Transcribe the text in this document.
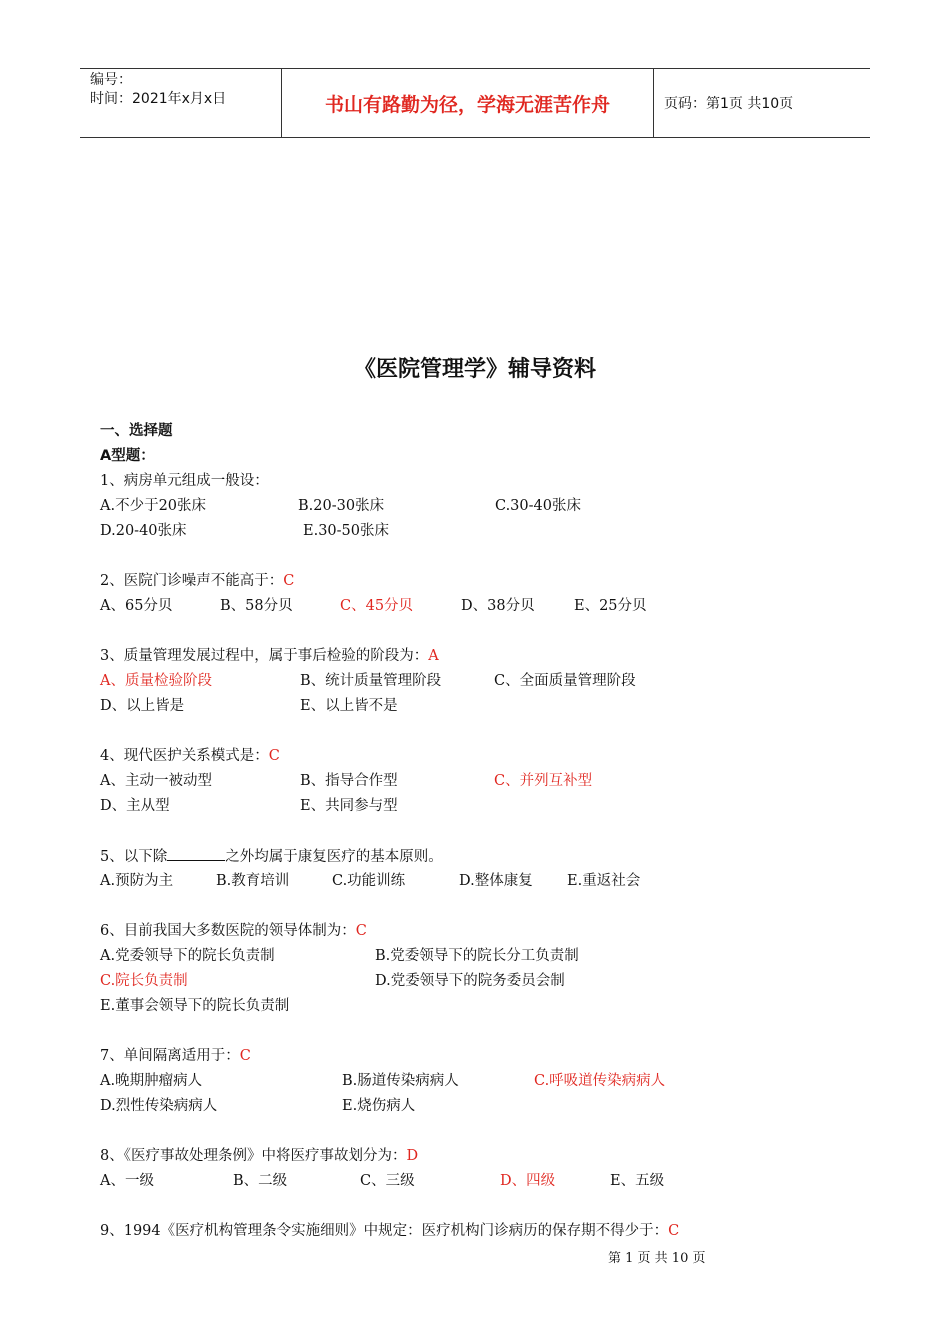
编号：
时间：2021年x月x日	书山有路勤为径，学海无涯苦作舟	页码：第1页 共10页
《医院管理学》辅导资料
一、选择题
A型题：
1、病房单元组成一般设：
A.不少于20张床	B.20-30张床	C.30-40张床
D.20-40张床	E.30-50张床
2、医院门诊噪声不能高于：C
A、65分贝	B、58分贝	C、45分贝	D、38分贝	E、25分贝
3、质量管理发展过程中，属于事后检验的阶段为：A
A、质量检验阶段	B、统计质量管理阶段	C、全面质量管理阶段
D、以上皆是	E、以上皆不是
4、现代医护关系模式是：C
A、主动一被动型	B、指导合作型	C、并列互补型
D、主从型	E、共同参与型
5、以下除	之外均属于康复医疗的基本原则。
A.预防为主	B.教育培训	C.功能训练	D.整体康复 E.重返社会
6、目前我国大多数医院的领导体制为：C
A.党委领导下的院长负责制	B.党委领导下的院长分工负责制
C.院长负责制	D.党委领导下的院务委员会制
E.董事会领导下的院长负责制
7、单间隔离适用于：C
A.晚期肿瘤病人	B.肠道传染病病人	C.呼吸道传染病病人
D.烈性传染病病人	E.烧伤病人
8、《医疗事故处理条例》中将医疗事故划分为：D
A、一级	B、二级	C、三级	D、四级	E、五级
9、1994《医疗机构管理条令实施细则》中规定：医疗机构门诊病历的保存期不得少于：C
第 1 页 共 10 页
